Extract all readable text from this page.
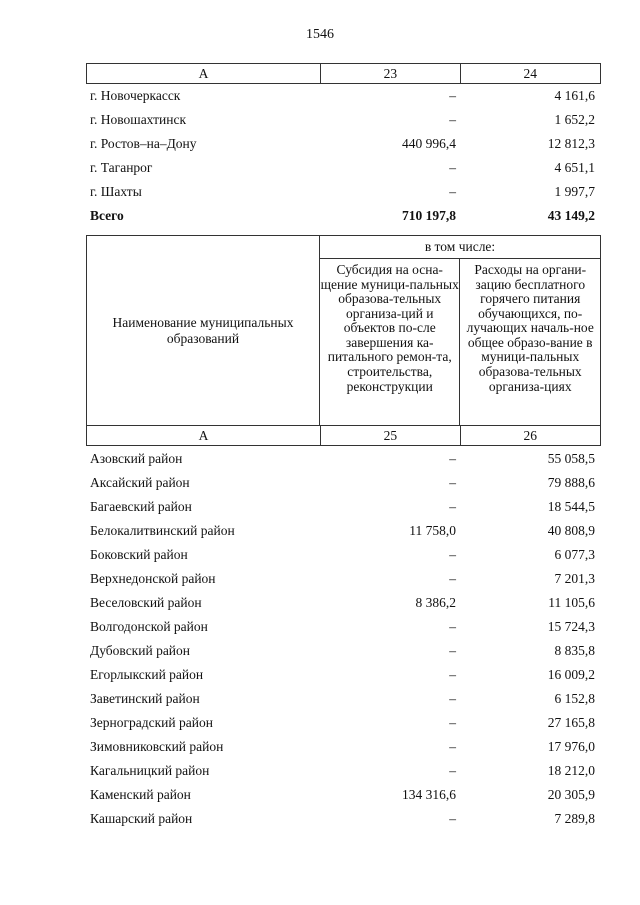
1546
А	23	24
г. Новочеркасск	–	4 161,6
г. Новошахтинск	–	1 652,2
г. Ростов–на–Дону	440 996,4	12 812,3
г. Таганрог	–	4 651,1
г. Шахты	–	1 997,7
Всего	710 197,8	43 149,2
Наименование муниципальных образований
в том числе:
Субсидия на осна-щение муници-пальных образова-тельных организа-ций и объектов по-сле завершения ка-питального ремон-та, строительства, реконструкции
Расходы на органи-зацию бесплатного горячего питания обучающихся, по-лучающих началь-ное общее образо-вание в муници-пальных образова-тельных организа-циях
А	25	26
Азовский район	–	55 058,5
Аксайский район	–	79 888,6
Багаевский район	–	18 544,5
Белокалитвинский район	11 758,0	40 808,9
Боковский район	–	6 077,3
Верхнедонской район	–	7 201,3
Веселовский район	8 386,2	11 105,6
Волгодонской район	–	15 724,3
Дубовский район	–	8 835,8
Егорлыкский район	–	16 009,2
Заветинский район	–	6 152,8
Зерноградский район	–	27 165,8
Зимовниковский район	–	17 976,0
Кагальницкий район	–	18 212,0
Каменский район	134 316,6	20 305,9
Кашарский район	–	7 289,8
